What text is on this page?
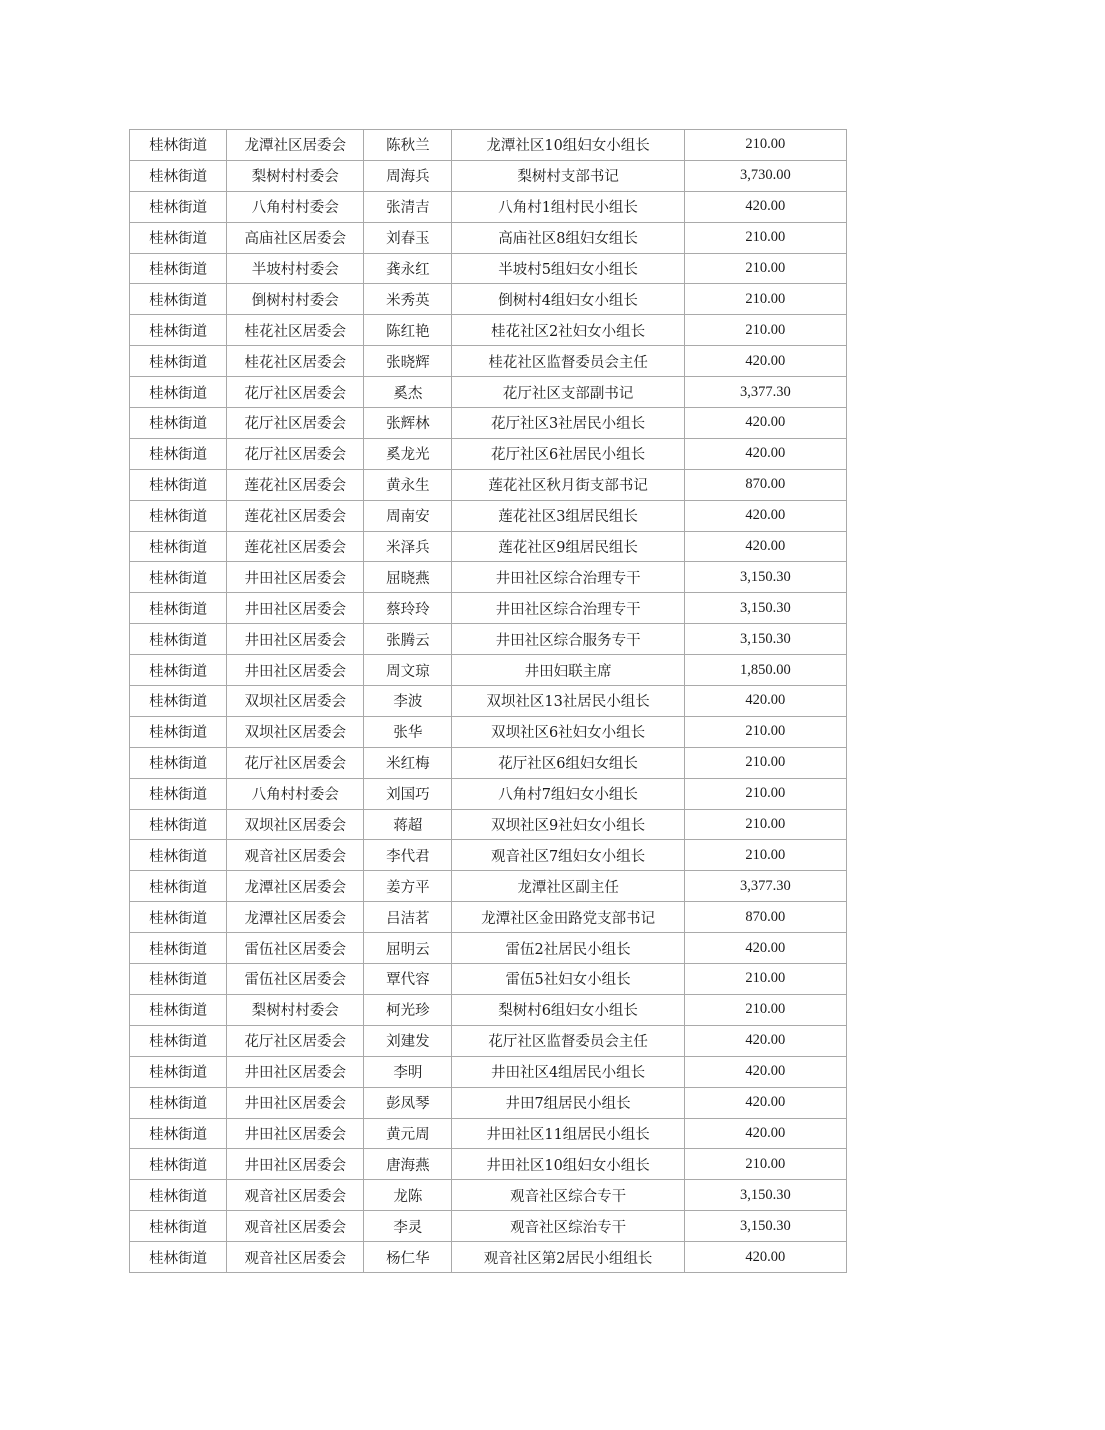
桂林街道	龙潭社区居委会	陈秋兰	龙潭社区10组妇女小组长	210.00
桂林街道	梨树村村委会	周海兵	梨树村支部书记	3,730.00
桂林街道	八角村村委会	张清吉	八角村1组村民小组长	420.00
桂林街道	高庙社区居委会	刘春玉	高庙社区8组妇女组长	210.00
桂林街道	半坡村村委会	龚永红	半坡村5组妇女小组长	210.00
桂林街道	倒树村村委会	米秀英	倒树村4组妇女小组长	210.00
桂林街道	桂花社区居委会	陈红艳	桂花社区2社妇女小组长	210.00
桂林街道	桂花社区居委会	张晓辉	桂花社区监督委员会主任	420.00
桂林街道	花厅社区居委会	奚杰	花厅社区支部副书记	3,377.30
桂林街道	花厅社区居委会	张辉林	花厅社区3社居民小组长	420.00
桂林街道	花厅社区居委会	奚龙光	花厅社区6社居民小组长	420.00
桂林街道	莲花社区居委会	黄永生	莲花社区秋月街支部书记	870.00
桂林街道	莲花社区居委会	周南安	莲花社区3组居民组长	420.00
桂林街道	莲花社区居委会	米泽兵	莲花社区9组居民组长	420.00
桂林街道	井田社区居委会	屈晓燕	井田社区综合治理专干	3,150.30
桂林街道	井田社区居委会	蔡玲玲	井田社区综合治理专干	3,150.30
桂林街道	井田社区居委会	张腾云	井田社区综合服务专干	3,150.30
桂林街道	井田社区居委会	周文琼	井田妇联主席	1,850.00
桂林街道	双坝社区居委会	李波	双坝社区13社居民小组长	420.00
桂林街道	双坝社区居委会	张华	双坝社区6社妇女小组长	210.00
桂林街道	花厅社区居委会	米红梅	花厅社区6组妇女组长	210.00
桂林街道	八角村村委会	刘国巧	八角村7组妇女小组长	210.00
桂林街道	双坝社区居委会	蒋超	双坝社区9社妇女小组长	210.00
桂林街道	观音社区居委会	李代君	观音社区7组妇女小组长	210.00
桂林街道	龙潭社区居委会	姜方平	龙潭社区副主任	3,377.30
桂林街道	龙潭社区居委会	吕洁茗	龙潭社区金田路党支部书记	870.00
桂林街道	雷伍社区居委会	屈明云	雷伍2社居民小组长	420.00
桂林街道	雷伍社区居委会	覃代容	雷伍5社妇女小组长	210.00
桂林街道	梨树村村委会	柯光珍	梨树村6组妇女小组长	210.00
桂林街道	花厅社区居委会	刘建发	花厅社区监督委员会主任	420.00
桂林街道	井田社区居委会	李明	井田社区4组居民小组长	420.00
桂林街道	井田社区居委会	彭凤琴	井田7组居民小组长	420.00
桂林街道	井田社区居委会	黄元周	井田社区11组居民小组长	420.00
桂林街道	井田社区居委会	唐海燕	井田社区10组妇女小组长	210.00
桂林街道	观音社区居委会	龙陈	观音社区综合专干	3,150.30
桂林街道	观音社区居委会	李灵	观音社区综治专干	3,150.30
桂林街道	观音社区居委会	杨仁华	观音社区第2居民小组组长	420.00
